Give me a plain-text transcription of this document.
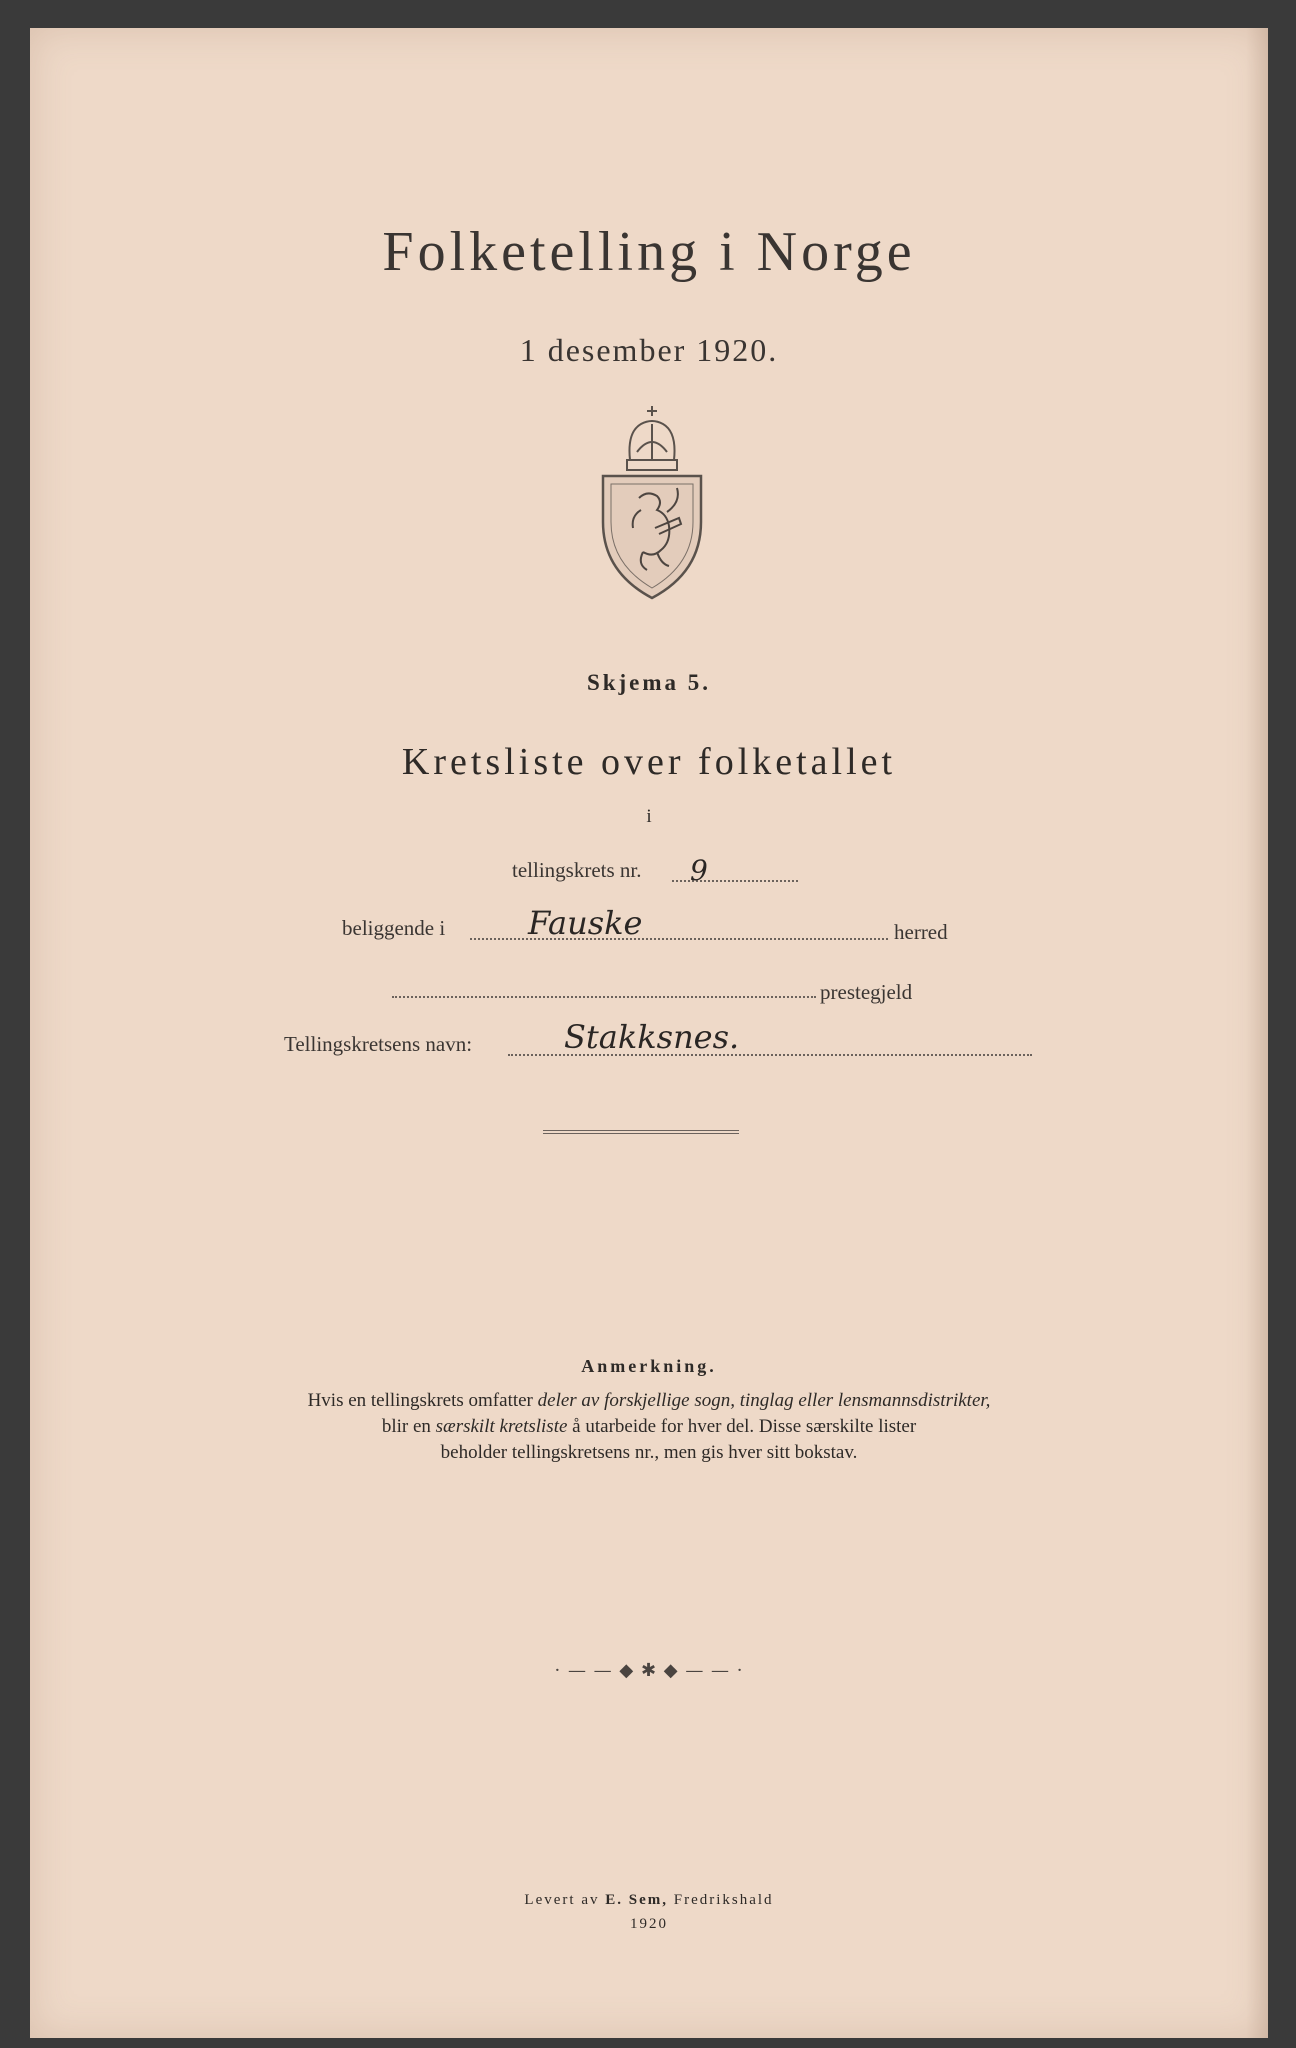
Folketelling i Norge
1 desember 1920.
Skjema 5.
Kretsliste over folketallet
i
tellingskrets nr. 9
beliggende i	Fauske	herred
prestegjeld
Tellingskretsens navn:	Stakksnes.
Anmerkning.
Hvis en tellingskrets omfatter deler av forskjellige sogn, tinglag eller lensmannsdistrikter,
blir en særskilt kretsliste å utarbeide for hver del. Disse særskilte lister
beholder tellingskretsens nr., men gis hver sitt bokstav.
· — — ◆ ✱ ◆ — — ·
Levert av E. Sem, Fredrikshald
1920
